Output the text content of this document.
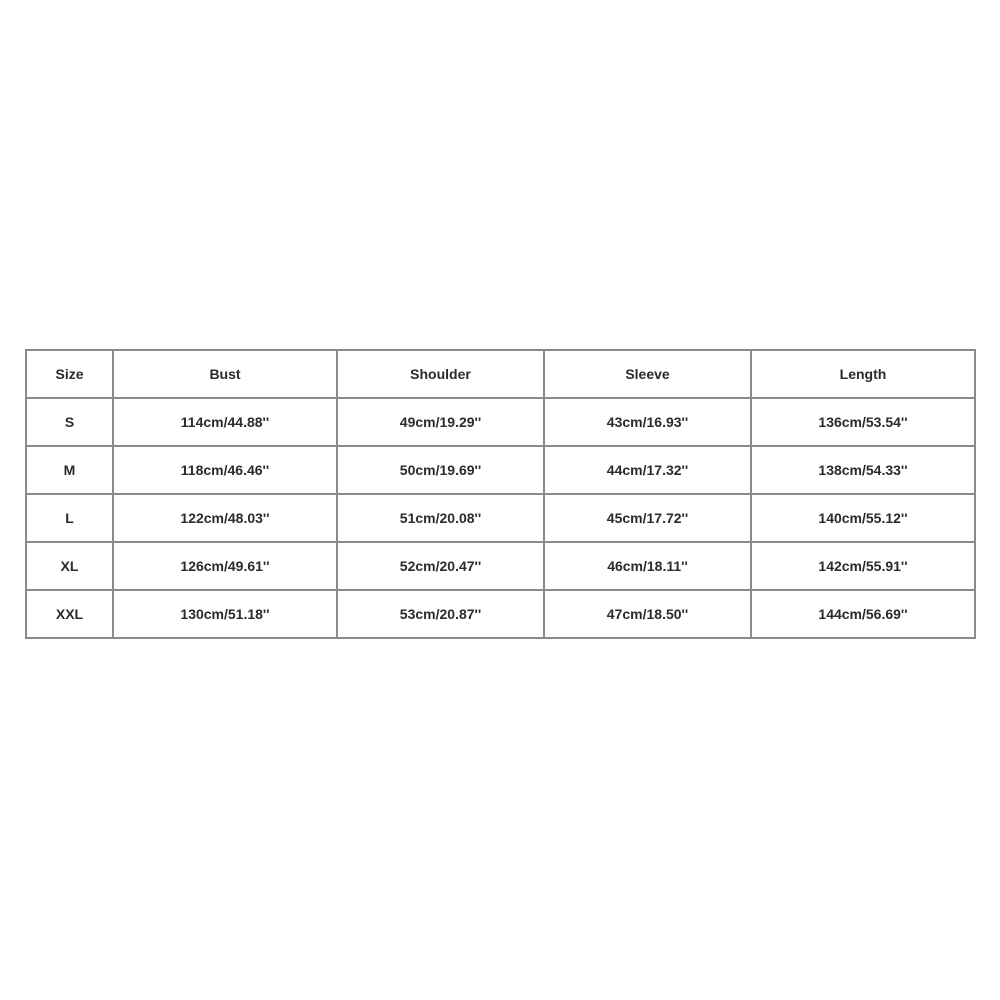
Size	Bust	Shoulder	Sleeve	Length
S	114cm/44.88''	49cm/19.29''	43cm/16.93''	136cm/53.54''
M	118cm/46.46''	50cm/19.69''	44cm/17.32''	138cm/54.33''
L	122cm/48.03''	51cm/20.08''	45cm/17.72''	140cm/55.12''
XL	126cm/49.61''	52cm/20.47''	46cm/18.11''	142cm/55.91''
XXL	130cm/51.18''	53cm/20.87''	47cm/18.50''	144cm/56.69''
